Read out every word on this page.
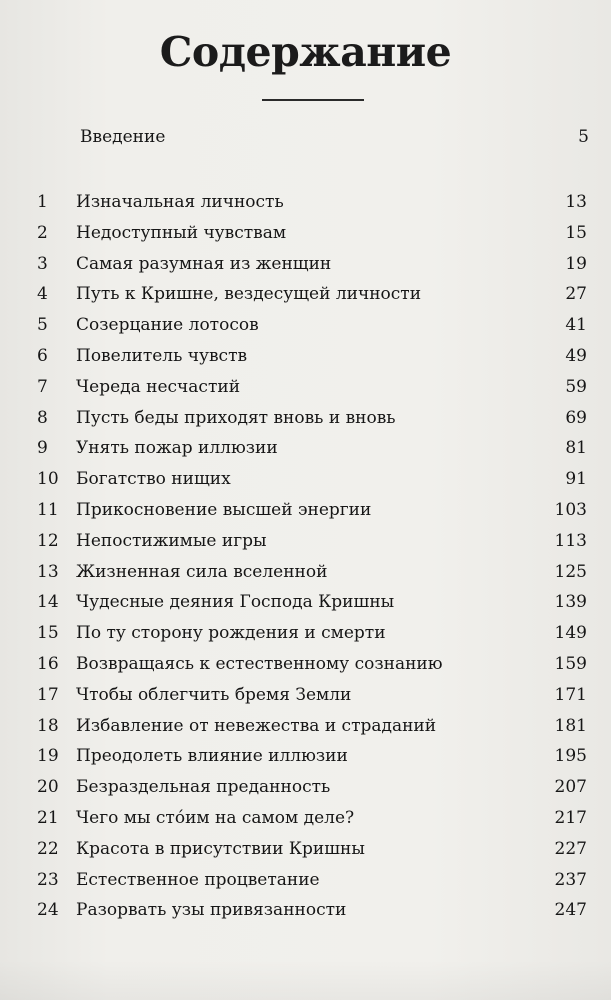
Содержание
Введение	5
1 Изначальная личность	13
2 Недоступный чувствам	15
3 Самая разумная из женщин	19
4 Путь к Кришне, вездесущей личности	27
5 Созерцание лотосов	41
6 Повелитель чувств	49
7 Череда несчастий	59
8 Пусть беды приходят вновь и вновь	69
9 Унять пожар иллюзии	81
10 Богатство нищих	91
11 Прикосновение высшей энергии	103
12 Непостижимые игры	113
13 Жизненная сила вселенной	125
14 Чудесные деяния Господа Кришны	139
15 По ту сторону рождения и смерти	149
16 Возвращаясь к естественному сознанию	159
17 Чтобы облегчить бремя Земли	171
18 Избавление от невежества и страданий	181
19 Преодолеть влияние иллюзии	195
20 Безраздельная преданность	207
21 Чего мы сто́им на самом деле?	217
22 Красота в присутствии Кришны	227
23 Естественное процветание	237
24 Разорвать узы привязанности	247
